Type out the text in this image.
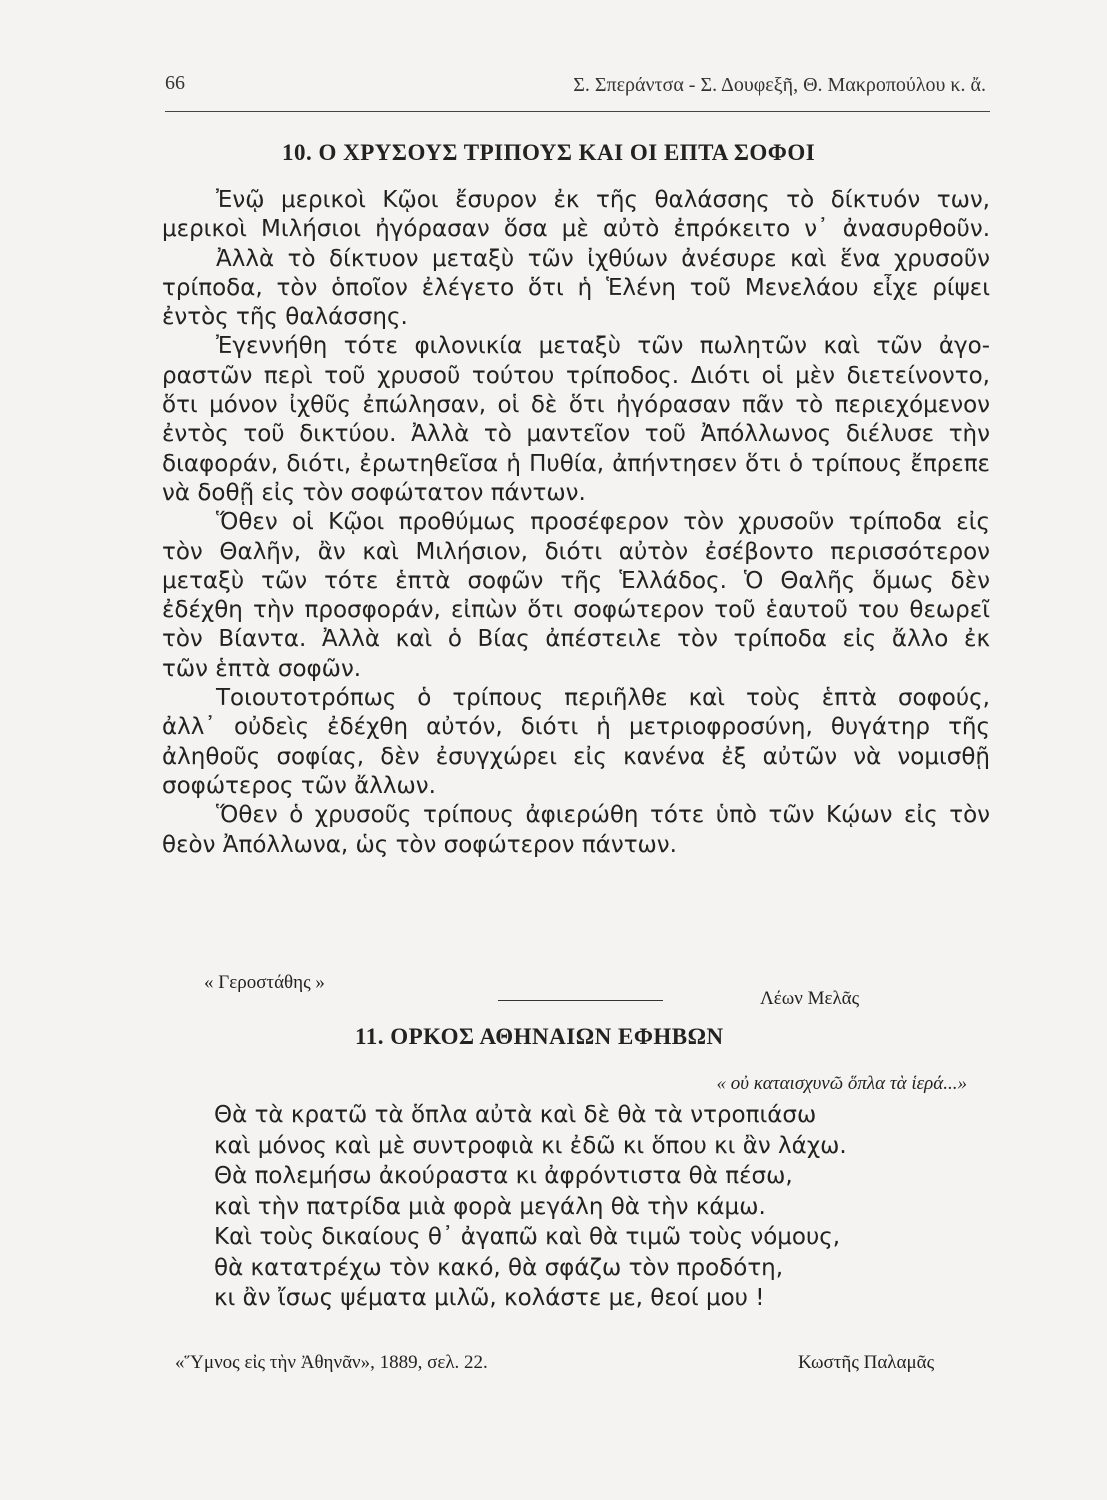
66	Σ. Σπεράντσα - Σ. Δουφεξῆ, Θ. Μακροπούλου κ. ἄ.
10. Ο ΧΡΥΣΟΥΣ ΤΡΙΠΟΥΣ ΚΑΙ ΟΙ ΕΠΤΑ ΣΟΦΟΙ
Ἐνῷ μερικοὶ Κῷοι ἔσυρον ἐκ τῆς θαλάσσης τὸ δίκτυόν των,
μερικοὶ Μιλήσιοι ἠγόρασαν ὅσα μὲ αὐτὸ ἐπρόκειτο ν᾽ ἀνασυρθοῦν.
Ἀλλὰ τὸ δίκτυον μεταξὺ τῶν ἰχθύων ἀνέσυρε καὶ ἕνα χρυσοῦν
τρίποδα, τὸν ὁποῖον ἐλέγετο ὅτι ἡ Ἑλένη τοῦ Μενελάου εἶχε ρίψει
ἐντὸς τῆς θαλάσσης.
Ἐγεννήθη τότε φιλονικία μεταξὺ τῶν πωλητῶν καὶ τῶν ἀγο-
ραστῶν περὶ τοῦ χρυσοῦ τούτου τρίποδος. Διότι οἱ μὲν διετείνοντο,
ὅτι μόνον ἰχθῦς ἐπώλησαν, οἱ δὲ ὅτι ἠγόρασαν πᾶν τὸ περιεχόμενον
ἐντὸς τοῦ δικτύου. Ἀλλὰ τὸ μαντεῖον τοῦ Ἀπόλλωνος διέλυσε τὴν
διαφοράν, διότι, ἐρωτηθεῖσα ἡ Πυθία, ἀπήντησεν ὅτι ὁ τρίπους ἔπρεπε
νὰ δοθῇ εἰς τὸν σοφώτατον πάντων.
Ὅθεν οἱ Κῷοι προθύμως προσέφερον τὸν χρυσοῦν τρίποδα εἰς
τὸν Θαλῆν, ἂν καὶ Μιλήσιον, διότι αὐτὸν ἐσέβοντο περισσότερον
μεταξὺ τῶν τότε ἑπτὰ σοφῶν τῆς Ἑλλάδος. Ὁ Θαλῆς ὅμως δὲν
ἐδέχθη τὴν προσφοράν, εἰπὼν ὅτι σοφώτερον τοῦ ἑαυτοῦ του θεωρεῖ
τὸν Βίαντα. Ἀλλὰ καὶ ὁ Βίας ἀπέστειλε τὸν τρίποδα εἰς ἄλλο ἐκ
τῶν ἑπτὰ σοφῶν.
Τοιουτοτρόπως ὁ τρίπους περιῆλθε καὶ τοὺς ἑπτὰ σοφούς,
ἀλλ᾽ οὐδεὶς ἐδέχθη αὐτόν, διότι ἡ μετριοφροσύνη, θυγάτηρ τῆς
ἀληθοῦς σοφίας, δὲν ἐσυγχώρει εἰς κανένα ἐξ αὐτῶν νὰ νομισθῇ
σοφώτερος τῶν ἄλλων.
Ὅθεν ὁ χρυσοῦς τρίπους ἀφιερώθη τότε ὑπὸ τῶν Κῴων εἰς τὸν
θεὸν Ἀπόλλωνα, ὡς τὸν σοφώτερον πάντων.
« Γεροστάθης »
Λέων Μελᾶς
11. ΟΡΚΟΣ ΑΘΗΝΑΙΩΝ ΕΦΗΒΩΝ
« οὐ καταισχυνῶ ὅπλα τὰ ἱερά...»
Θὰ τὰ κρατῶ τὰ ὅπλα αὐτὰ καὶ δὲ θὰ τὰ ντροπιάσω
καὶ μόνος καὶ μὲ συντροφιὰ κι ἐδῶ κι ὅπου κι ἂν λάχω.
Θὰ πολεμήσω ἀκούραστα κι ἀφρόντιστα θὰ πέσω,
καὶ τὴν πατρίδα μιὰ φορὰ μεγάλη θὰ τὴν κάμω.
Καὶ τοὺς δικαίους θ᾽ ἀγαπῶ καὶ θὰ τιμῶ τοὺς νόμους,
θὰ κατατρέχω τὸν κακό, θὰ σφάζω τὸν προδότη,
κι ἂν ἴσως ψέματα μιλῶ, κολάστε με, θεοί μου !
«Ὕμνος εἰς τὴν Ἀθηνᾶν», 1889, σελ. 22.	Κωστῆς Παλαμᾶς
